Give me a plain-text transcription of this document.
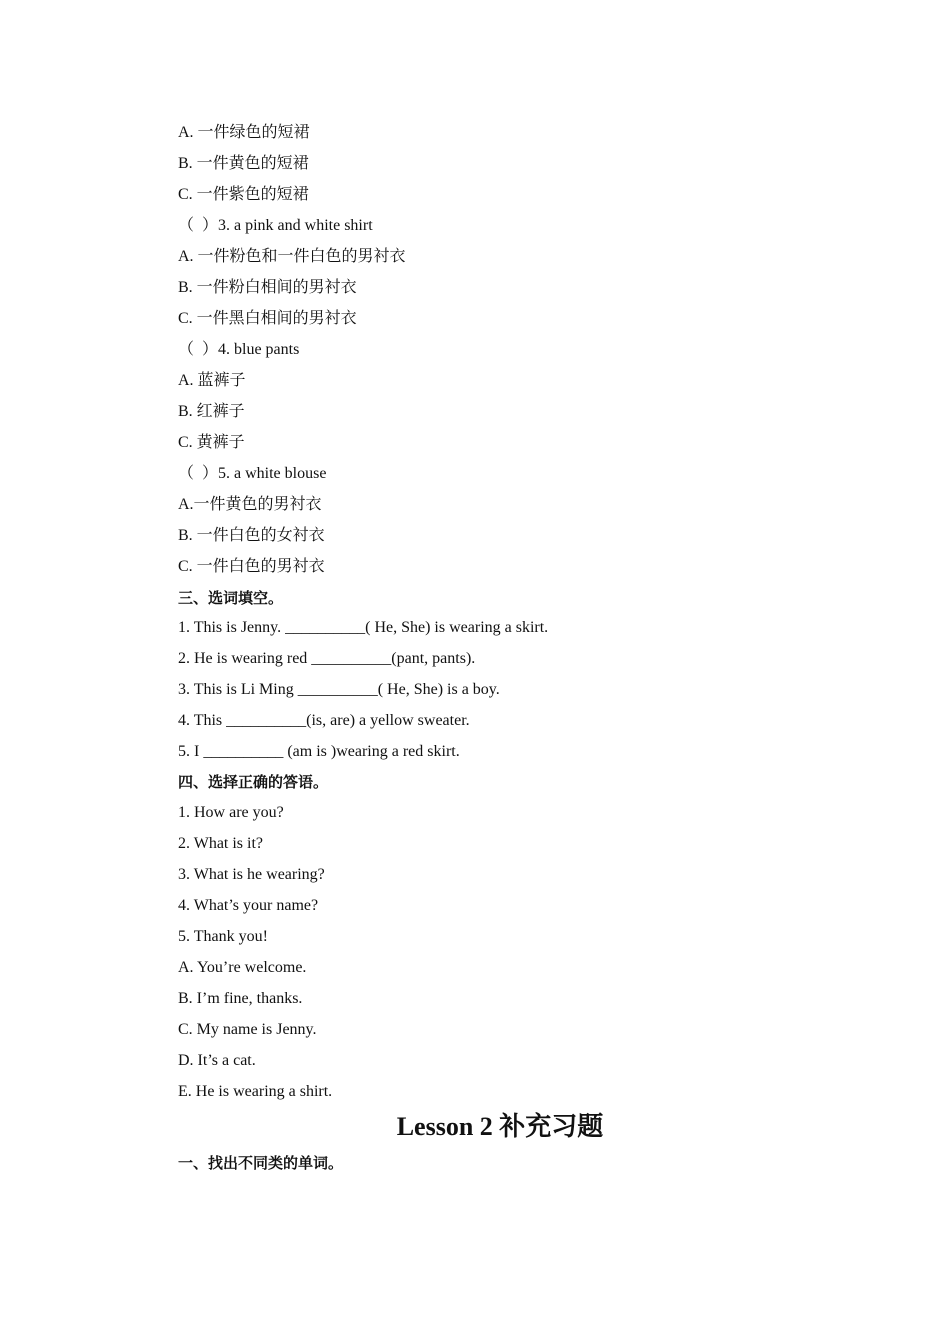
A. 一件绿色的短裙
B. 一件黄色的短裙
C. 一件紫色的短裙
（  ）3. a pink and white shirt
A. 一件粉色和一件白色的男衬衣
B. 一件粉白相间的男衬衣
C. 一件黑白相间的男衬衣
（  ）4. blue pants
A. 蓝裤子
B. 红裤子
C. 黄裤子
（  ）5. a white blouse
A.一件黄色的男衬衣
B. 一件白色的女衬衣
C. 一件白色的男衬衣
三、选词填空。
1. This is Jenny. __________( He, She) is wearing a skirt.
2. He is wearing red __________(pant, pants).
3. This is Li Ming __________( He, She) is a boy.
4. This __________(is, are) a yellow sweater.
5. I __________ (am is )wearing a red skirt.
四、选择正确的答语。
1. How are you?
2. What is it?
3. What is he wearing?
4. What’s your name?
5. Thank you!
A. You’re welcome.
B. I’m fine, thanks.
C. My name is Jenny.
D. It’s a cat.
E. He is wearing a shirt.
Lesson 2 补充习题
一、找出不同类的单词。
